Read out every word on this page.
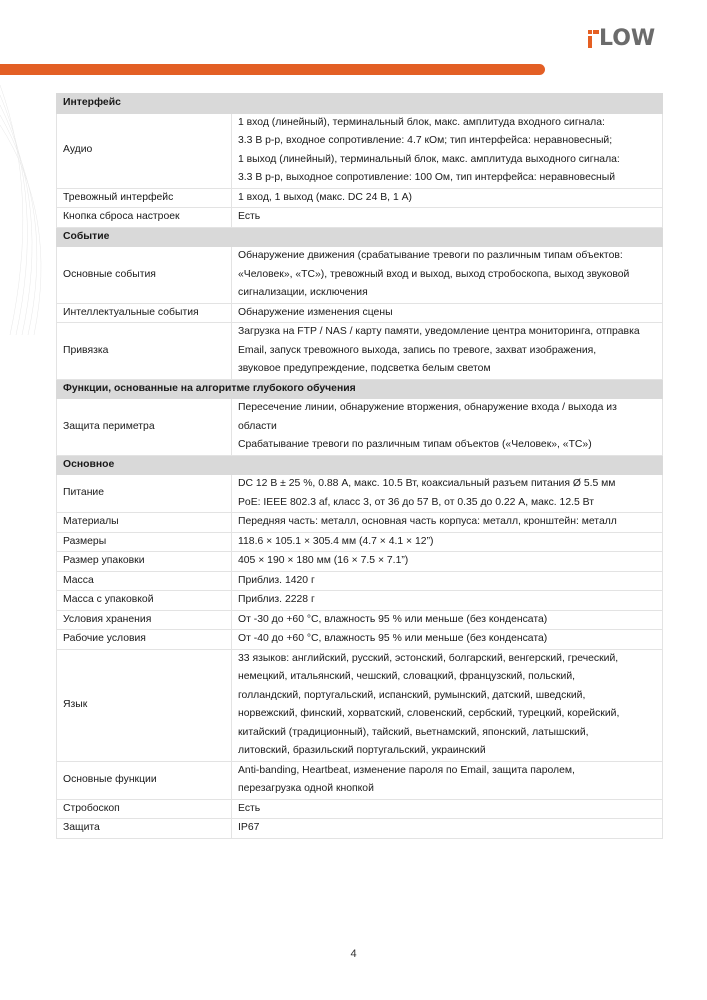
LOW
Интерфейс	
Аудио	1 вход (линейный), терминальный блок, макс. амплитуда входного сигнала:
3.3 В p-p, входное сопротивление: 4.7 кОм; тип интерфейса: неравновесный;
1 выход (линейный), терминальный блок, макс. амплитуда выходного сигнала:
3.3 В p-p, выходное сопротивление: 100 Ом, тип интерфейса: неравновесный

Тревожный интерфейс	1 вход, 1 выход (макс. DC 24 В, 1 А)

Кнопка сброса настроек	Есть

Событие	
Основные события	Обнаружение движения (срабатывание тревоги по различным типам объектов:
«Человек», «ТС»), тревожный вход и выход, выход стробоскопа, выход звуковой
сигнализации, исключения

Интеллектуальные события	Обнаружение изменения сцены

Привязка	Загрузка на FTP / NAS / карту памяти, уведомление центра мониторинга, отправка
Email, запуск тревожного выхода, запись по тревоге, захват изображения,
звуковое предупреждение, подсветка белым светом

Функции, основанные на алгоритме глубокого обучения	
Защита периметра	Пересечение линии, обнаружение вторжения, обнаружение входа / выхода из
области
Срабатывание тревоги по различным типам объектов («Человек», «ТС»)

Основное	
Питание	DC 12 В ± 25 %, 0.88 А, макс. 10.5 Вт, коаксиальный разъем питания Ø 5.5 мм
PoE: IEEE 802.3 af, класс 3, от 36 до 57 В, от 0.35 до 0.22 А, макс. 12.5 Вт

Материалы	Передняя часть: металл, основная часть корпуса: металл, кронштейн: металл

Размеры	118.6 × 105.1 × 305.4 мм (4.7 × 4.1 × 12”)

Размер упаковки	405 × 190 × 180 мм (16 × 7.5 × 7.1”)

Масса	Приблиз. 1420 г

Масса с упаковкой	Приблиз. 2228 г

Условия хранения	От -30 до +60 °C, влажность 95 % или меньше (без конденсата)

Рабочие условия	От -40 до +60 °C, влажность 95 % или меньше (без конденсата)

Язык	
33 языков: английский, русский, эстонский, болгарский, венгерский, греческий,
немецкий, итальянский, чешский, словацкий, французский, польский,
голландский, португальский, испанский, румынский, датский, шведский,
норвежский, финский, хорватский, словенский, сербский, турецкий, корейский,
китайский (традиционный), тайский, вьетнамский, японский, латышский,
литовский, бразильский португальский, украинский

Основные функции	Anti-banding, Heartbeat, изменение пароля по Email, защита паролем,
перезагрузка одной кнопкой

Стробоскоп	Есть

Защита	IP67
4
